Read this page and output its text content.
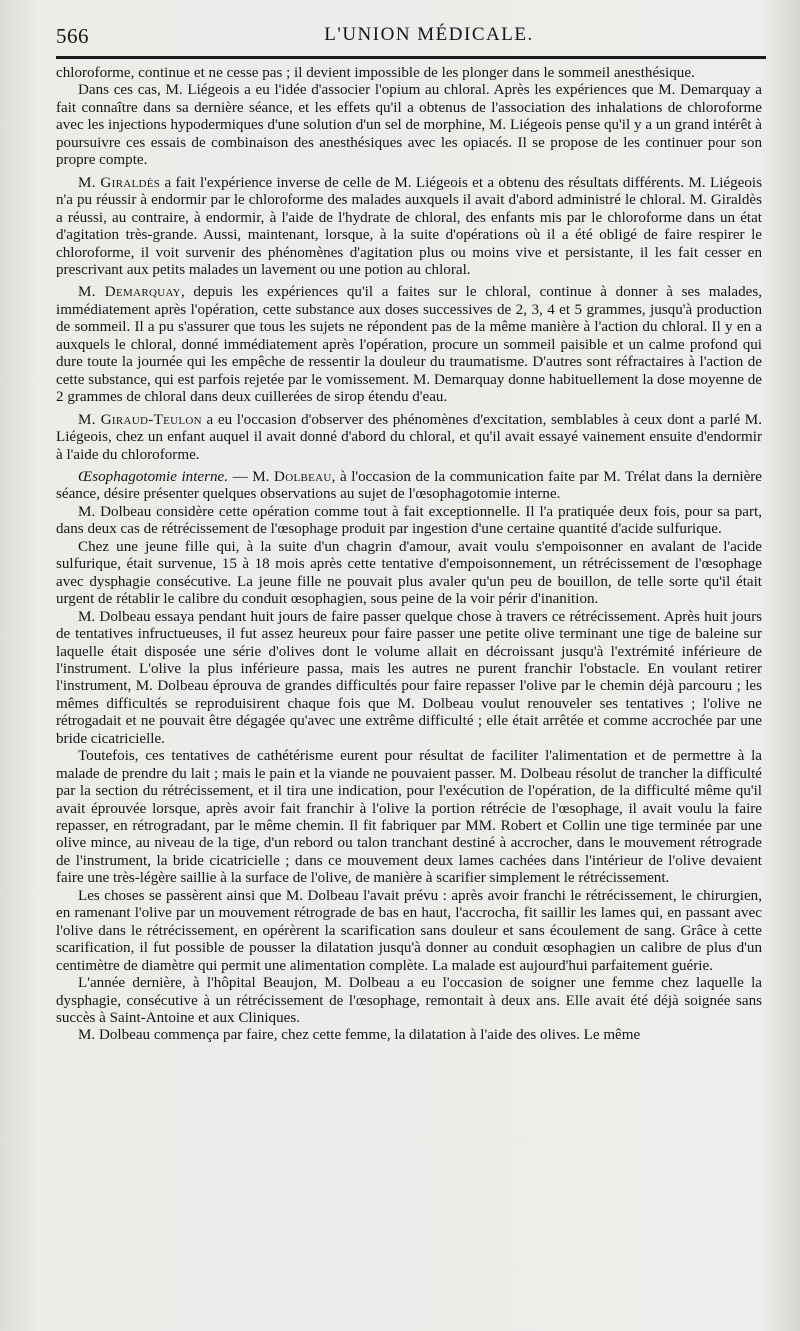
566	L'UNION MÉDICALE.

chloroforme, continue et ne cesse pas ; il devient impossible de les plonger dans le sommeil anesthésique.

Dans ces cas, M. Liégeois a eu l'idée d'associer l'opium au chloral. Après les expériences que M. Demarquay a fait connaître dans sa dernière séance, et les effets qu'il a obtenus de l'association des inhalations de chloroforme avec les injections hypodermiques d'une solution d'un sel de morphine, M. Liégeois pense qu'il y a un grand intérêt à poursuivre ces essais de combinaison des anesthésiques avec les opiacés. Il se propose de les continuer pour son propre compte.

M. Giraldès a fait l'expérience inverse de celle de M. Liégeois et a obtenu des résultats différents. M. Liégeois n'a pu réussir à endormir par le chloroforme des malades auxquels il avait d'abord administré le chloral. M. Giraldès a réussi, au contraire, à endormir, à l'aide de l'hydrate de chloral, des enfants mis par le chloroforme dans un état d'agitation très-grande. Aussi, maintenant, lorsque, à la suite d'opérations où il a été obligé de faire respirer le chloroforme, il voit survenir des phénomènes d'agitation plus ou moins vive et persistante, il les fait cesser en prescrivant aux petits malades un lavement ou une potion au chloral.

M. Demarquay, depuis les expériences qu'il a faites sur le chloral, continue à donner à ses malades, immédiatement après l'opération, cette substance aux doses successives de 2, 3, 4 et 5 grammes, jusqu'à production de sommeil. Il a pu s'assurer que tous les sujets ne répondent pas de la même manière à l'action du chloral. Il y en a auxquels le chloral, donné immédiatement après l'opération, procure un sommeil paisible et un calme profond qui dure toute la journée qui les empêche de ressentir la douleur du traumatisme. D'autres sont réfractaires à l'action de cette substance, qui est parfois rejetée par le vomissement. M. Demarquay donne habituellement la dose moyenne de 2 grammes de chloral dans deux cuillerées de sirop étendu d'eau.

M. Giraud-Teulon a eu l'occasion d'observer des phénomènes d'excitation, semblables à ceux dont a parlé M. Liégeois, chez un enfant auquel il avait donné d'abord du chloral, et qu'il avait essayé vainement ensuite d'endormir à l'aide du chloroforme.

Œsophagotomie interne. — M. Dolbeau, à l'occasion de la communication faite par M. Trélat dans la dernière séance, désire présenter quelques observations au sujet de l'œsophagotomie interne.

M. Dolbeau considère cette opération comme tout à fait exceptionnelle. Il l'a pratiquée deux fois, pour sa part, dans deux cas de rétrécissement de l'œsophage produit par ingestion d'une certaine quantité d'acide sulfurique.

Chez une jeune fille qui, à la suite d'un chagrin d'amour, avait voulu s'empoisonner en avalant de l'acide sulfurique, était survenue, 15 à 18 mois après cette tentative d'empoisonnement, un rétrécissement de l'œsophage avec dysphagie consécutive. La jeune fille ne pouvait plus avaler qu'un peu de bouillon, de telle sorte qu'il était urgent de rétablir le calibre du conduit œsophagien, sous peine de la voir périr d'inanition.

M. Dolbeau essaya pendant huit jours de faire passer quelque chose à travers ce rétrécissement. Après huit jours de tentatives infructueuses, il fut assez heureux pour faire passer une petite olive terminant une tige de baleine sur laquelle était disposée une série d'olives dont le volume allait en décroissant jusqu'à l'extrémité inférieure de l'instrument. L'olive la plus inférieure passa, mais les autres ne purent franchir l'obstacle. En voulant retirer l'instrument, M. Dolbeau éprouva de grandes difficultés pour faire repasser l'olive par le chemin déjà parcouru ; les mêmes difficultés se reproduisirent chaque fois que M. Dolbeau voulut renouveler ses tentatives ; l'olive ne rétrogadait et ne pouvait être dégagée qu'avec une extrême difficulté ; elle était arrêtée et comme accrochée par une bride cicatricielle.

Toutefois, ces tentatives de cathétérisme eurent pour résultat de faciliter l'alimentation et de permettre à la malade de prendre du lait ; mais le pain et la viande ne pouvaient passer. M. Dolbeau résolut de trancher la difficulté par la section du rétrécissement, et il tira une indication, pour l'exécution de l'opération, de la difficulté même qu'il avait éprouvée lorsque, après avoir fait franchir à l'olive la portion rétrécie de l'œsophage, il avait voulu la faire repasser, en rétrogradant, par le même chemin. Il fit fabriquer par MM. Robert et Collin une tige terminée par une olive mince, au niveau de la tige, d'un rebord ou talon tranchant destiné à accrocher, dans le mouvement rétrograde de l'instrument, la bride cicatricielle ; dans ce mouvement deux lames cachées dans l'intérieur de l'olive devaient faire une très-légère saillie à la surface de l'olive, de manière à scarifier simplement le rétrécissement.

Les choses se passèrent ainsi que M. Dolbeau l'avait prévu : après avoir franchi le rétrécissement, le chirurgien, en ramenant l'olive par un mouvement rétrograde de bas en haut, l'accrocha, fit saillir les lames qui, en passant avec l'olive dans le rétrécissement, en opérèrent la scarification sans douleur et sans écoulement de sang. Grâce à cette scarification, il fut possible de pousser la dilatation jusqu'à donner au conduit œsophagien un calibre de plus d'un centimètre de diamètre qui permit une alimentation complète. La malade est aujourd'hui parfaitement guérie.

L'année dernière, à l'hôpital Beaujon, M. Dolbeau a eu l'occasion de soigner une femme chez laquelle la dysphagie, consécutive à un rétrécissement de l'œsophage, remontait à deux ans. Elle avait été déjà soignée sans succès à Saint-Antoine et aux Cliniques.

M. Dolbeau commença par faire, chez cette femme, la dilatation à l'aide des olives. Le même
